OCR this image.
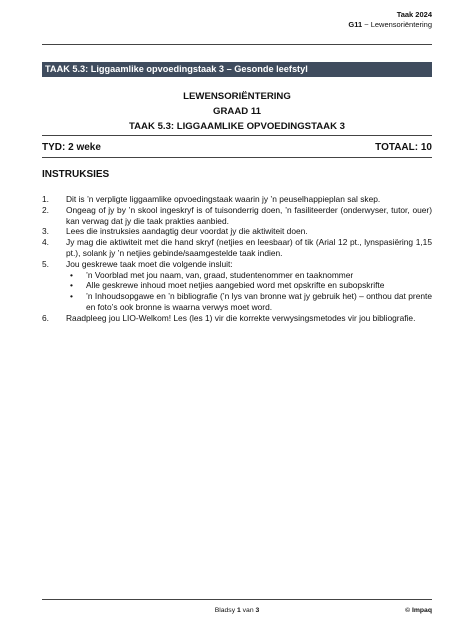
Taak 2024
G11 ~ Lewensoriëntering
TAAK 5.3: Liggaamlike opvoedingstaak 3 – Gesonde leefstyl
LEWENSORIËNTERING
GRAAD 11
TAAK 5.3: LIGGAAMLIKE OPVOEDINGSTAAK 3
TYD: 2 weke	TOTAAL: 10
INSTRUKSIES
1.	Dit is ’n verpligte liggaamlike opvoedingstaak waarin jy ’n peuselhappieplan sal skep.
2.	Ongeag of jy by ’n skool ingeskryf is of tuisonderrig doen, ’n fasiliteerder (onderwyser, tutor, ouer) kan verwag dat jy die taak prakties aanbied.
3.	Lees die instruksies aandagtig deur voordat jy die aktiwiteit doen.
4.	Jy mag die aktiwiteit met die hand skryf (netjies en leesbaar) of tik (Arial 12 pt., lynspasiëring 1,15 pt.), solank jy ’n netjies gebinde/saamgestelde taak indien.
5.	Jou geskrewe taak moet die volgende insluit:
•	’n Voorblad met jou naam, van, graad, studentenommer en taaknommer
•	Alle geskrewe inhoud moet netjies aangebied word met opskrifte en subopskrifte
•	’n Inhoudsopgawe en ’n bibliografie (’n lys van bronne wat jy gebruik het) – onthou dat prente en foto’s ook bronne is waarna verwys moet word.
6.	Raadpleeg jou LIO-Welkom! Les (les 1) vir die korrekte verwysingsmetodes vir jou bibliografie.
Bladsy 1 van 3	© Impaq
